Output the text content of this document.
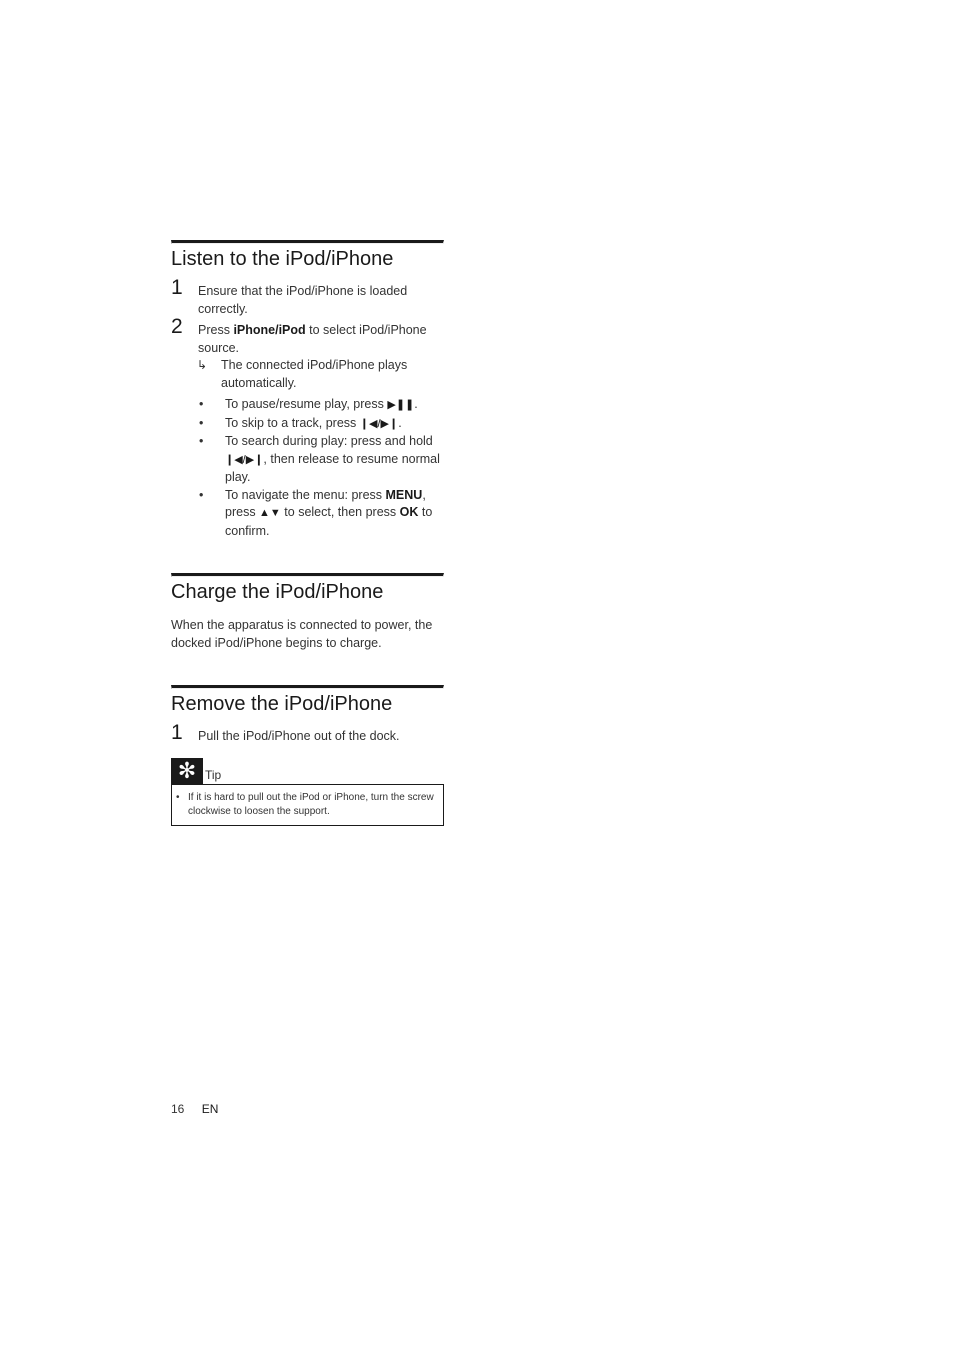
Listen to the iPod/iPhone
1 Ensure that the iPod/iPhone is loaded correctly.
2 Press iPhone/iPod to select iPod/iPhone source.
↳ The connected iPod/iPhone plays automatically.
• To pause/resume play, press ▶❚❚.
• To skip to a track, press ❙◀/▶❙.
• To search during play: press and hold ❙◀/▶❙, then release to resume normal play.
• To navigate the menu: press MENU, press ▲▼ to select, then press OK to confirm.
Charge the iPod/iPhone

When the apparatus is connected to power, the docked iPod/iPhone begins to charge.

Remove the iPod/iPhone
1 Pull the iPod/iPhone out of the dock.
✻ Tip
• If it is hard to pull out the iPod or iPhone, turn the screw clockwise to loosen the support.
16 EN
